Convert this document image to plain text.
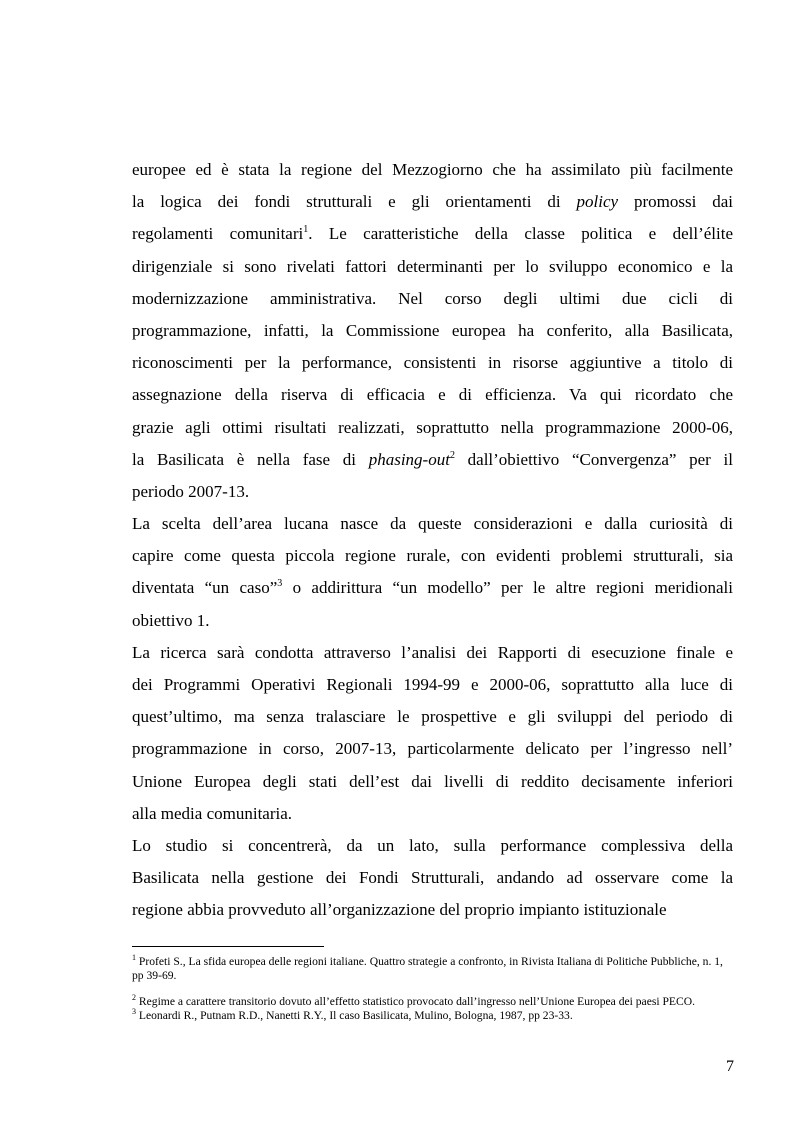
europee ed è stata la regione del Mezzogiorno che ha assimilato più facilmente
la logica dei fondi strutturali e gli orientamenti di policy promossi dai
regolamenti comunitari$^1$. Le caratteristiche della classe politica e dell’élite
dirigenziale si sono rivelati fattori determinanti per lo sviluppo economico e la
modernizzazione amministrativa. Nel corso degli ultimi due cicli di
programmazione, infatti, la Commissione europea ha conferito, alla Basilicata,
riconoscimenti per la performance, consistenti in risorse aggiuntive a titolo di
assegnazione della riserva di efficacia e di efficienza. Va qui ricordato che
grazie agli ottimi risultati realizzati, soprattutto nella programmazione 2000-06,
la Basilicata è nella fase di phasing-out$^2$ dall’obiettivo “Convergenza” per il
periodo 2007-13.
La scelta dell’area lucana nasce da queste considerazioni e dalla curiosità di
capire come questa piccola regione rurale, con evidenti problemi strutturali, sia
diventata “un caso”$^3$ o addirittura “un modello” per le altre regioni meridionali
obiettivo 1.
La ricerca sarà condotta attraverso l’analisi dei Rapporti di esecuzione finale e
dei Programmi Operativi Regionali 1994-99 e 2000-06, soprattutto alla luce di
quest’ultimo, ma senza tralasciare le prospettive e gli sviluppi del periodo di
programmazione in corso, 2007-13, particolarmente delicato per l’ingresso nell’
Unione Europea degli stati dell’est dai livelli di reddito decisamente inferiori
alla media comunitaria.
Lo studio si concentrerà, da un lato, sulla performance complessiva della
Basilicata nella gestione dei Fondi Strutturali, andando ad osservare come la
regione abbia provveduto all’organizzazione del proprio impianto istituzionale
$^1$ Profeti S., La sfida europea delle regioni italiane. Quattro strategie a confronto, in Rivista Italiana di Politiche Pubbliche, n. 1, pp 39-69.
$^2$ Regime a carattere transitorio dovuto all’effetto statistico provocato dall’ingresso nell’Unione Europea dei paesi PECO.
$^3$ Leonardi R., Putnam R.D., Nanetti R.Y., Il caso Basilicata, Mulino, Bologna, 1987, pp 23-33.
7
